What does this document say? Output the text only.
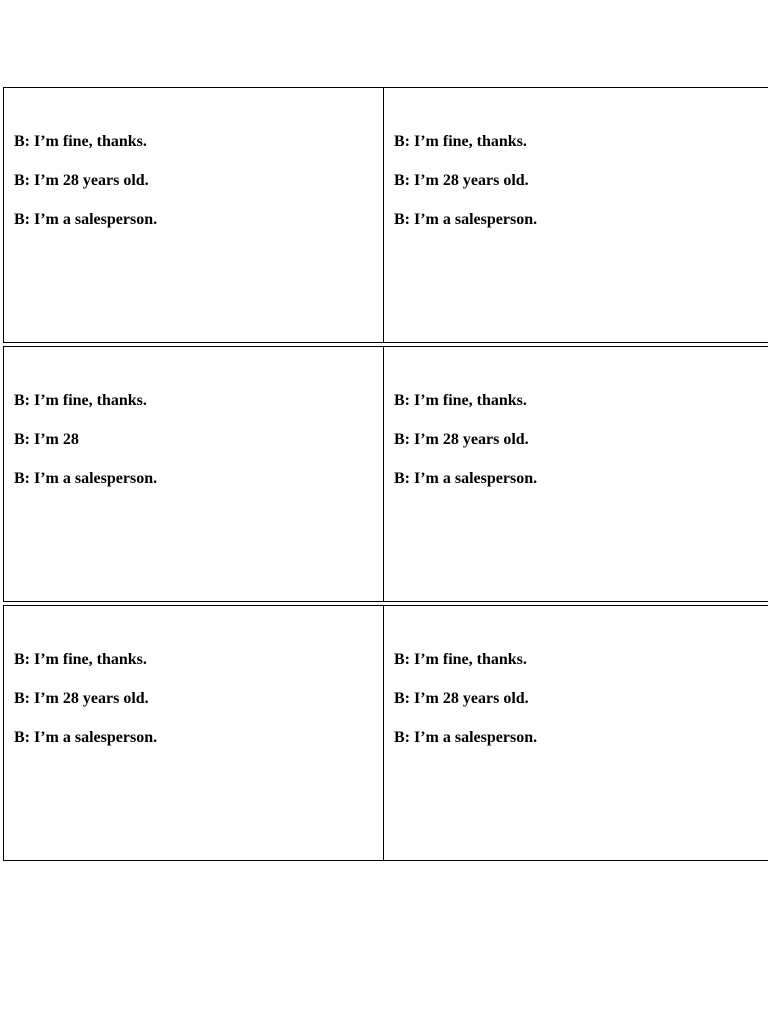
B: I’m fine, thanks.

B: I’m 28 years old.

B: I’m a salesperson.

B: I’m fine, thanks.

B: I’m 28 years old.

B: I’m a salesperson.

B: I’m fine, thanks.

B: I’m 28

B: I’m a salesperson.

B: I’m fine, thanks.

B: I’m 28 years old.

B: I’m a salesperson.

B: I’m fine, thanks.

B: I’m 28 years old.

B: I’m a salesperson.

B: I’m fine, thanks.

B: I’m 28 years old.

B: I’m a salesperson.
